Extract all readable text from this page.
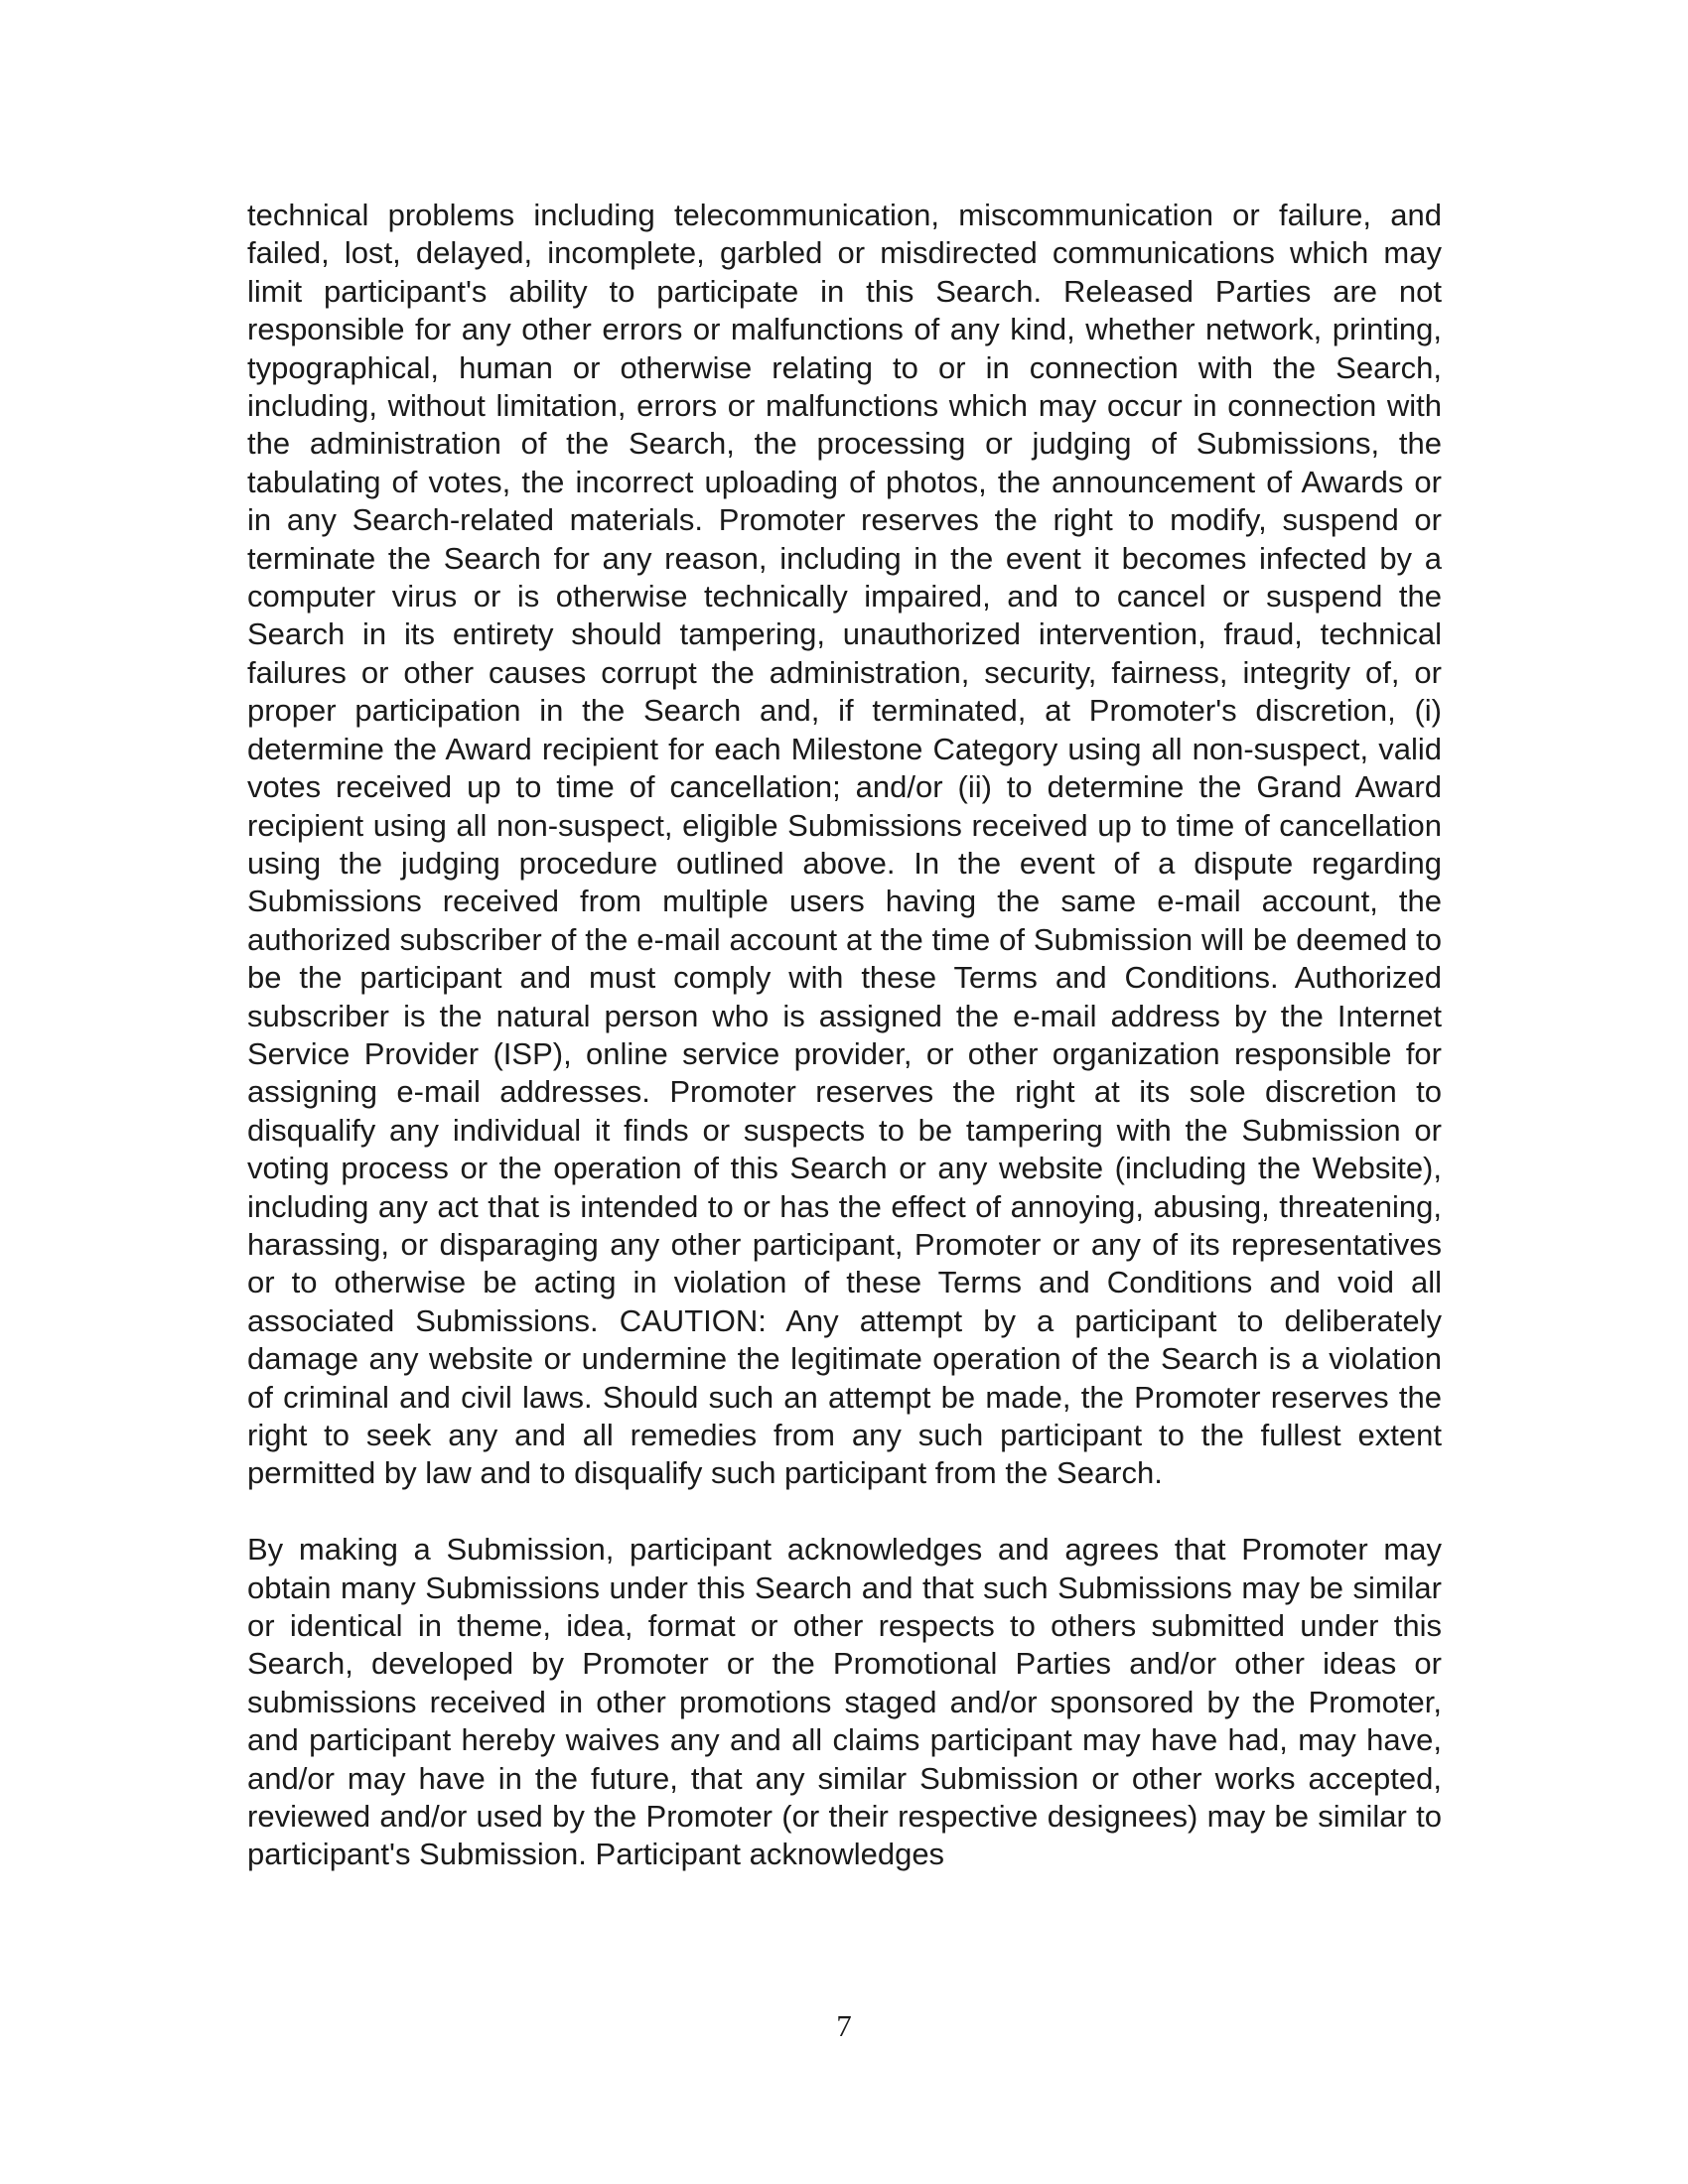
technical problems including telecommunication, miscommunication or failure, and failed, lost, delayed, incomplete, garbled or misdirected communications which may limit participant's ability to participate in this Search. Released Parties are not responsible for any other errors or malfunctions of any kind, whether network, printing, typographical, human or otherwise relating to or in connection with the Search, including, without limitation, errors or malfunctions which may occur in connection with the administration of the Search, the processing or judging of Submissions, the tabulating of votes, the incorrect uploading of photos, the announcement of Awards or in any Search-related materials. Promoter reserves the right to modify, suspend or terminate the Search for any reason, including in the event it becomes infected by a computer virus or is otherwise technically impaired, and to cancel or suspend the Search in its entirety should tampering, unauthorized intervention, fraud, technical failures or other causes corrupt the administration, security, fairness, integrity of, or proper participation in the Search and, if terminated, at Promoter's discretion, (i) determine the Award recipient for each Milestone Category using all non-suspect, valid votes received up to time of cancellation; and/or (ii) to determine the Grand Award recipient using all non-suspect, eligible Submissions received up to time of cancellation using the judging procedure outlined above. In the event of a dispute regarding Submissions received from multiple users having the same e-mail account, the authorized subscriber of the e-mail account at the time of Submission will be deemed to be the participant and must comply with these Terms and Conditions. Authorized subscriber is the natural person who is assigned the e-mail address by the Internet Service Provider (ISP), online service provider, or other organization responsible for assigning e-mail addresses. Promoter reserves the right at its sole discretion to disqualify any individual it finds or suspects to be tampering with the Submission or voting process or the operation of this Search or any website (including the Website), including any act that is intended to or has the effect of annoying, abusing, threatening, harassing, or disparaging any other participant, Promoter or any of its representatives or to otherwise be acting in violation of these Terms and Conditions and void all associated Submissions. CAUTION: Any attempt by a participant to deliberately damage any website or undermine the legitimate operation of the Search is a violation of criminal and civil laws. Should such an attempt be made, the Promoter reserves the right to seek any and all remedies from any such participant to the fullest extent permitted by law and to disqualify such participant from the Search.

By making a Submission, participant acknowledges and agrees that Promoter may obtain many Submissions under this Search and that such Submissions may be similar or identical in theme, idea, format or other respects to others submitted under this Search, developed by Promoter or the Promotional Parties and/or other ideas or submissions received in other promotions staged and/or sponsored by the Promoter, and participant hereby waives any and all claims participant may have had, may have, and/or may have in the future, that any similar Submission or other works accepted, reviewed and/or used by the Promoter (or their respective designees) may be similar to participant's Submission. Participant acknowledges

7
